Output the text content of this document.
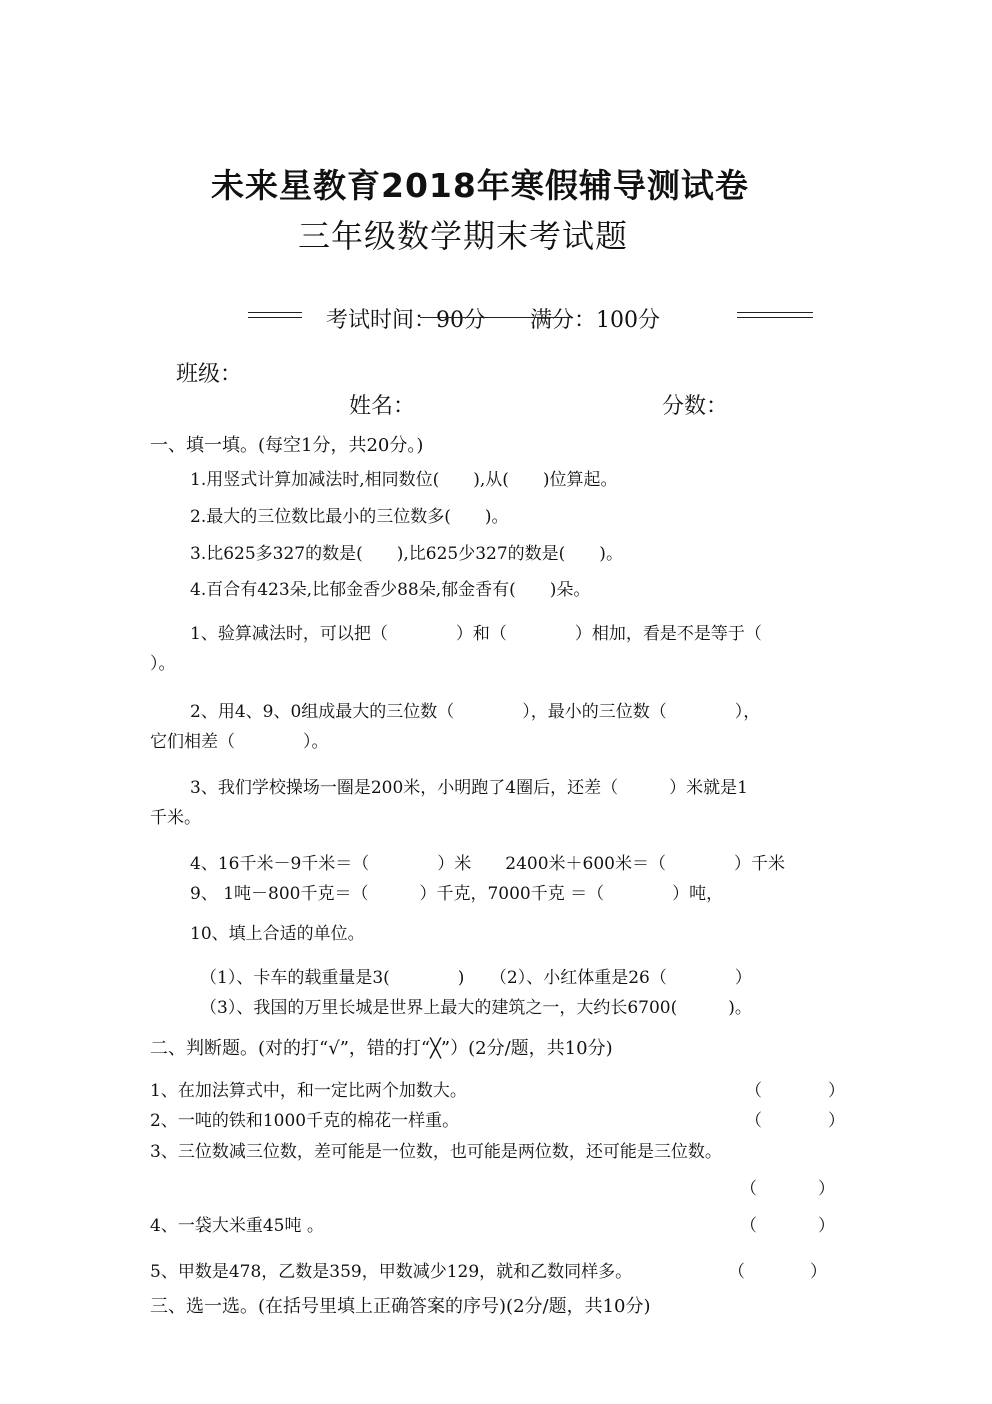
未来星教育2018年寒假辅导测试卷
三年级数学期末考试题
考试时间：90分　　满分：100分
班级：
姓名：	分数：
一、填一填。(每空1分，共20分。)
1.用竖式计算加减法时,相同数位(　　),从(　　)位算起。
2.最大的三位数比最小的三位数多(　　)。
3.比625多327的数是(　　),比625少327的数是(　　)。
4.百合有423朵,比郁金香少88朵,郁金香有(　　)朵。
1、验算减法时，可以把（　　　　）和（　　　　）相加，看是不是等于（
）。
2、用4、9、0组成最大的三位数（　　　　），最小的三位数（　　　　），
它们相差（　　　　）。
3、我们学校操场一圈是200米，小明跑了4圈后，还差（　　　）米就是1
千米。
4、16千米－9千米＝（　　　　）米　　2400米＋600米＝（　　　　）千米
9、 1吨－800千克＝（　　　）千克，7000千克 ＝（　　　　）吨，
10、填上合适的单位。
（1）、卡车的载重量是3(　　　　)　　（2）、小红体重是26（　　　　）
（3）、我国的万里长城是世界上最大的建筑之一，大约长6700(　　　)。
二、判断题。(对的打“√”，错的打“╳”）(2分/题，共10分)
1、在加法算式中，和一定比两个加数大。	（	）
2、一吨的铁和1000千克的棉花一样重。	（	）
3、三位数减三位数，差可能是一位数，也可能是两位数，还可能是三位数。
（	）
4、一袋大米重45吨 。	（	）
5、甲数是478，乙数是359，甲数减少129，就和乙数同样多。	（	）
三、选一选。(在括号里填上正确答案的序号)(2分/题，共10分)
